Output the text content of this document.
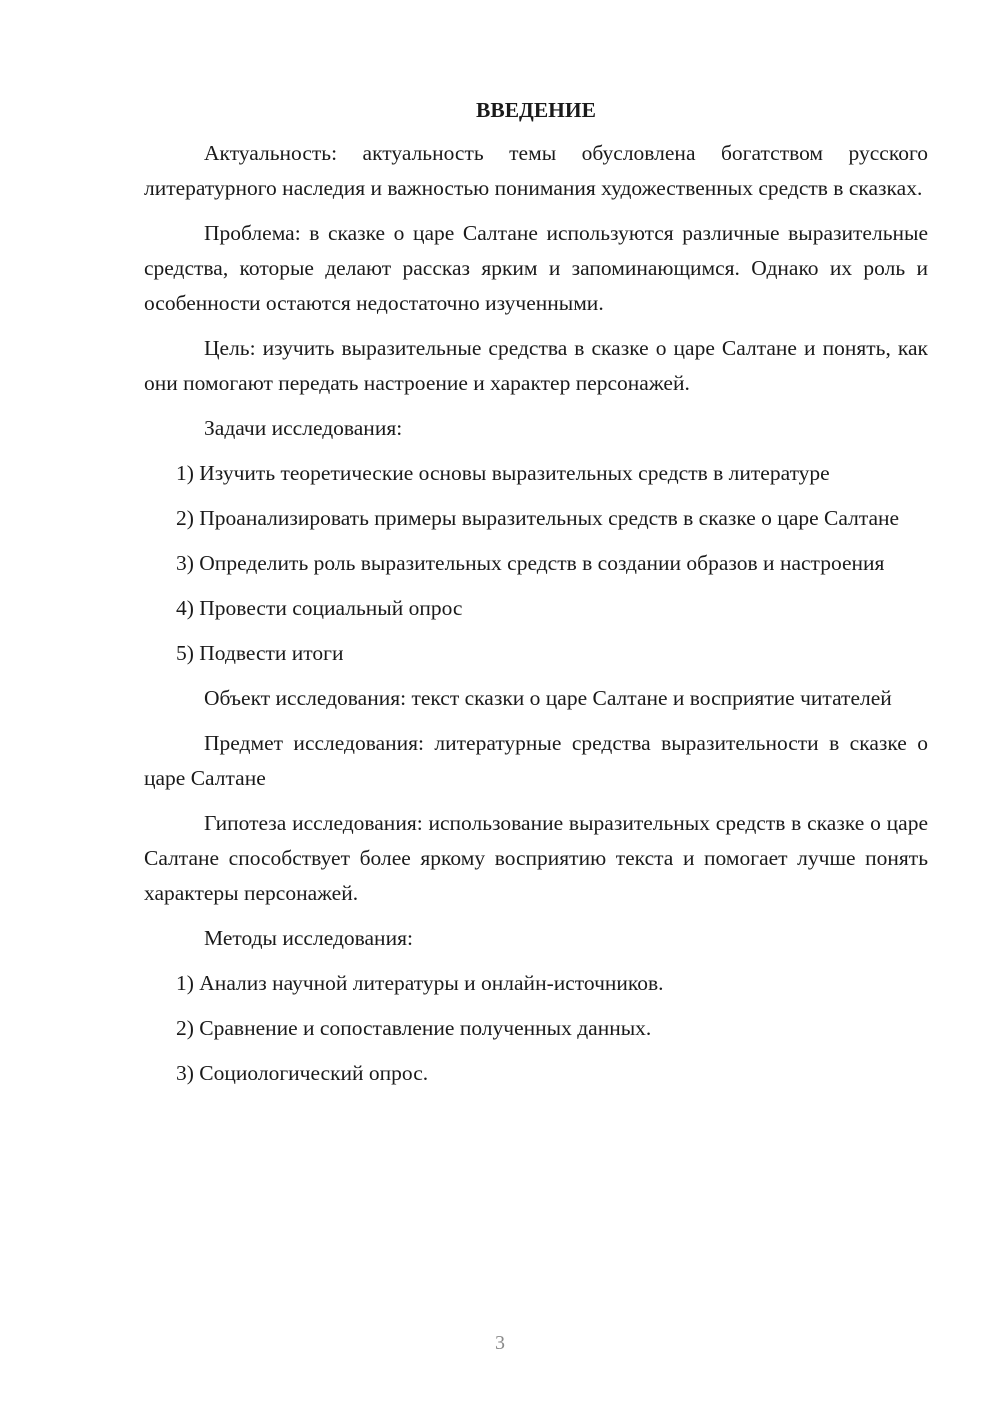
ВВЕДЕНИЕ

Актуальность: актуальность темы обусловлена богатством русского литературного наследия и важностью понимания художественных средств в сказках.

Проблема: в сказке о царе Салтане используются различные выразительные средства, которые делают рассказ ярким и запоминающимся. Однако их роль и особенности остаются недостаточно изученными.

Цель: изучить выразительные средства в сказке о царе Салтане и понять, как они помогают передать настроение и характер персонажей.

Задачи исследования:

1) Изучить теоретические основы выразительных средств в литературе

2) Проанализировать примеры выразительных средств в сказке о царе Салтане

3) Определить роль выразительных средств в создании образов и настроения

4) Провести социальный опрос

5) Подвести итоги

Объект исследования: текст сказки о царе Салтане и восприятие читателей

Предмет исследования: литературные средства выразительности в сказке о царе Салтане

Гипотеза исследования: использование выразительных средств в сказке о царе Салтане способствует более яркому восприятию текста и помогает лучше понять характеры персонажей.

Методы исследования:

1) Анализ научной литературы и онлайн-источников.

2) Сравнение и сопоставление полученных данных.

3) Социологический опрос.

3
